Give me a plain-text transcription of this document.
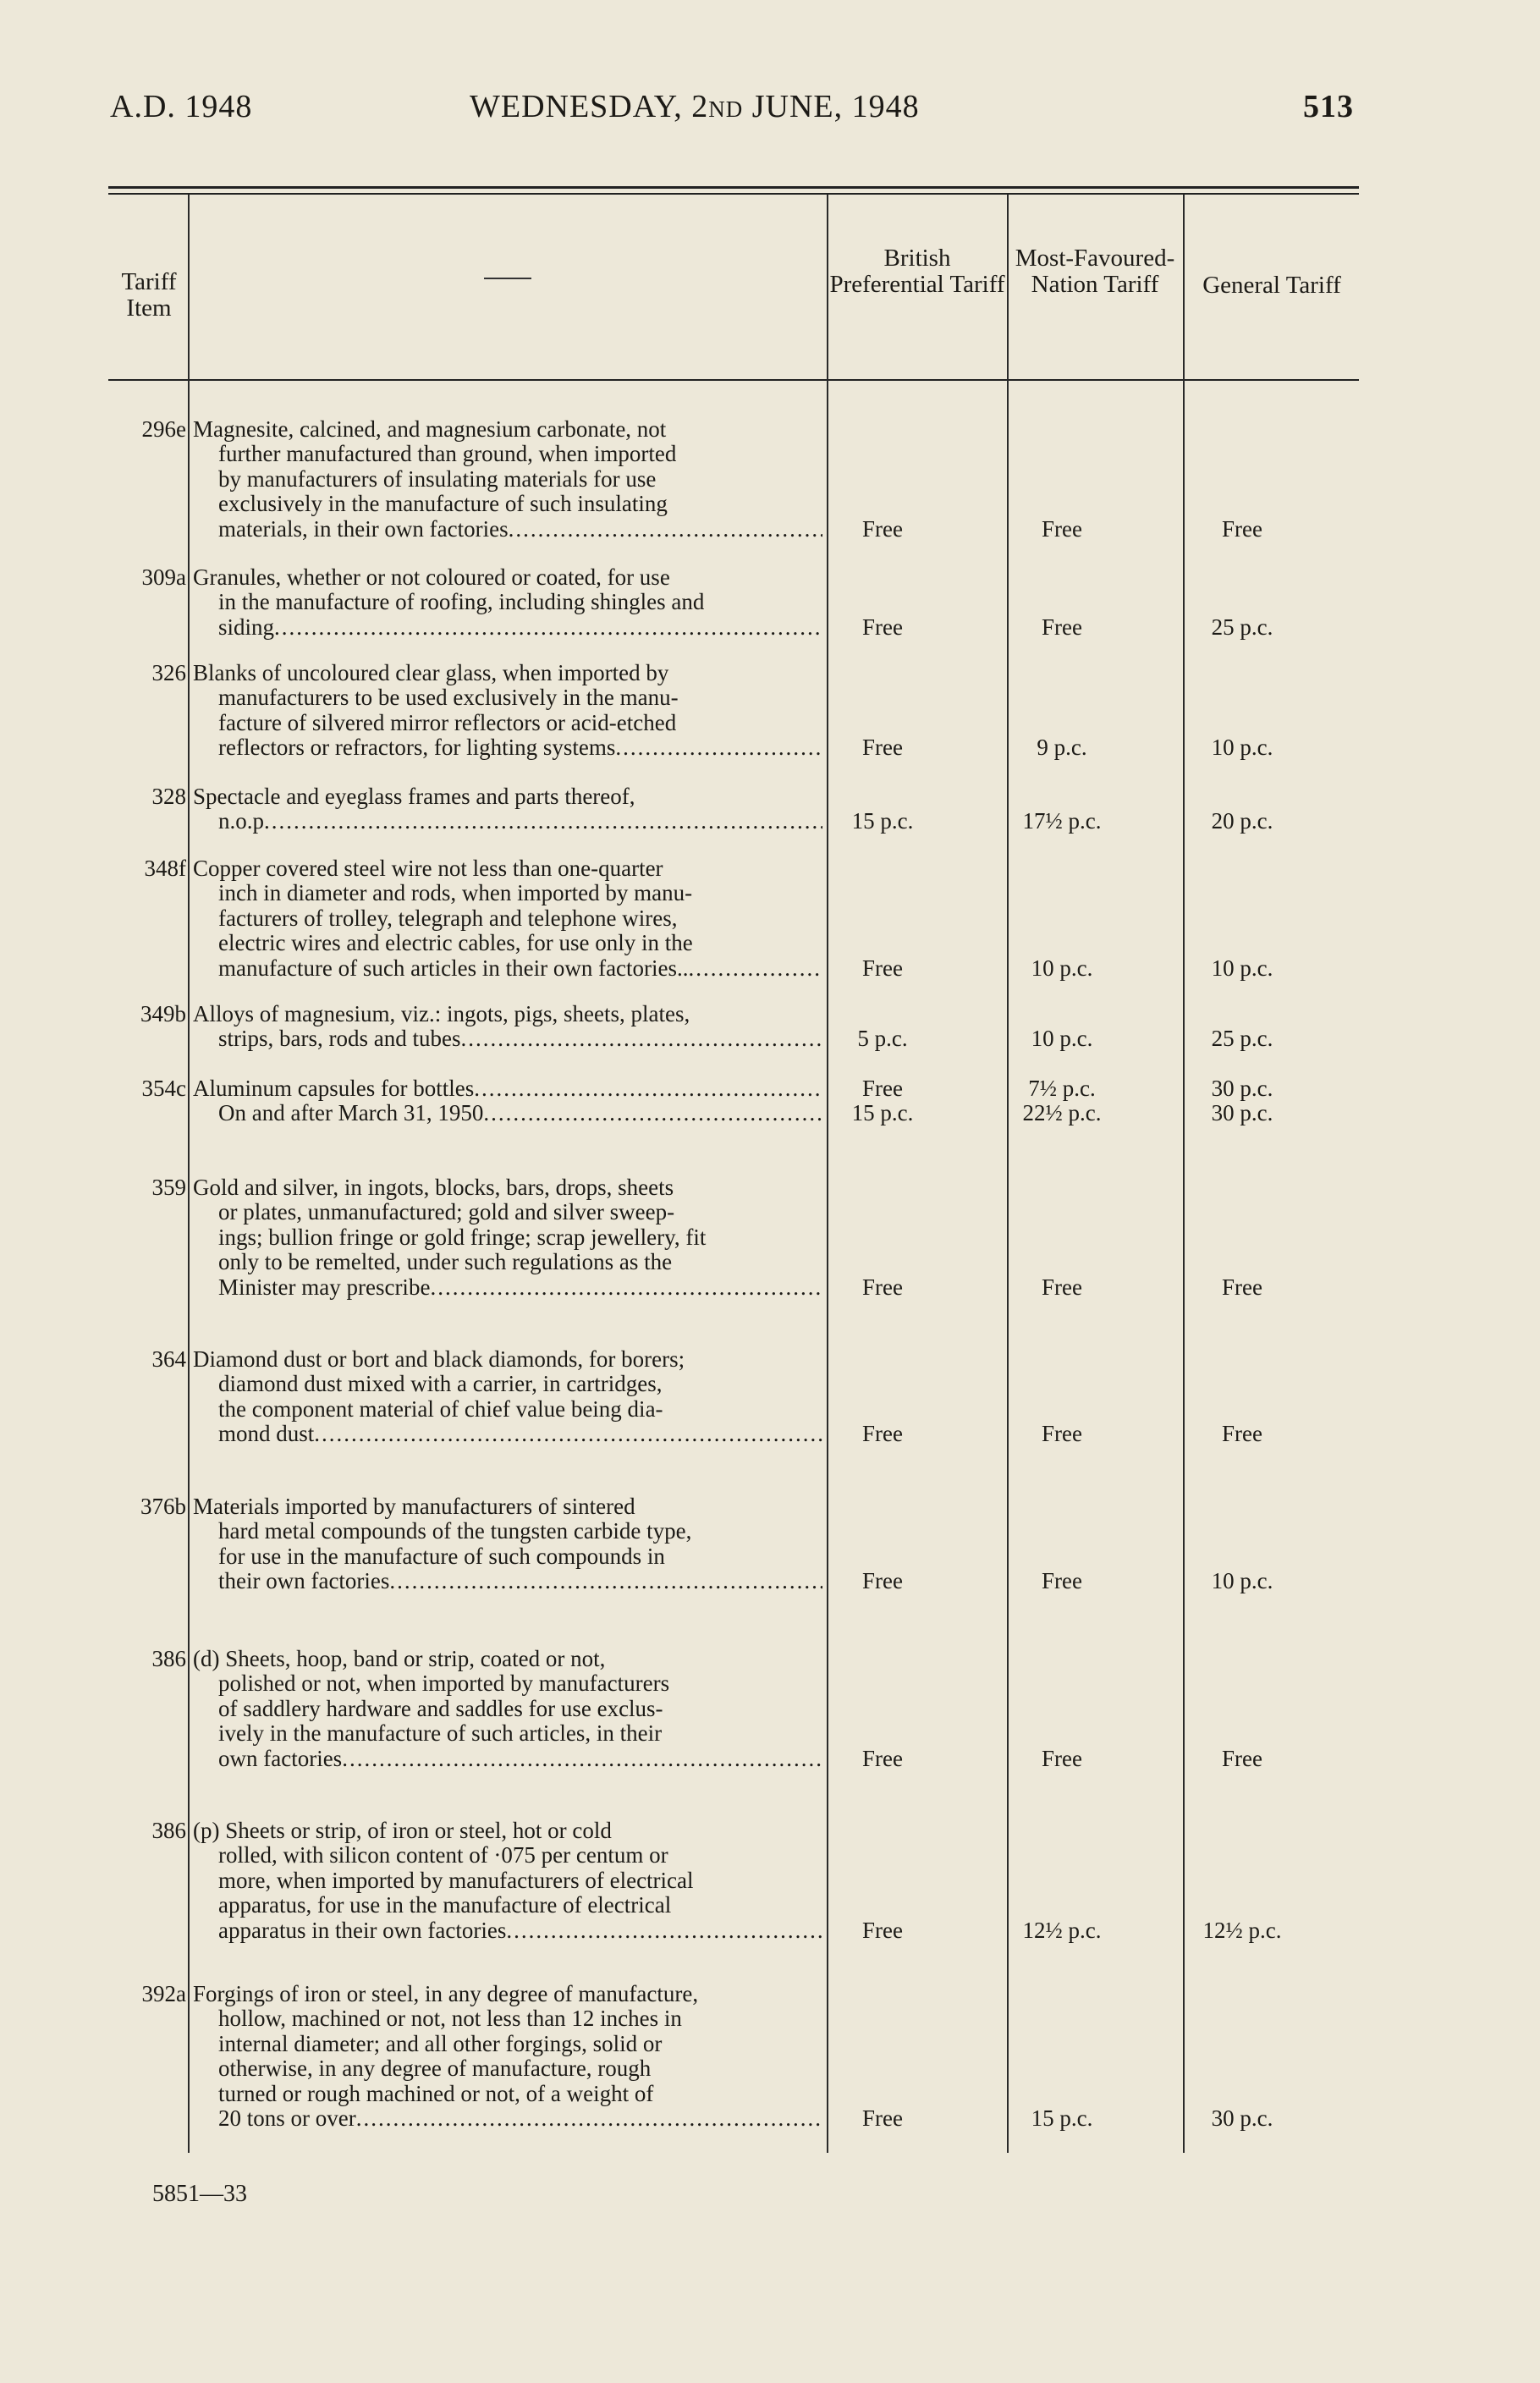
A.D. 1948	WEDNESDAY, 2ND JUNE, 1948	513
Tariff Item
British Preferential Tariff
Most-Favoured-Nation Tariff	General Tariff
296e Magnesite, calcined, and magnesium carbonate, not
further manufactured than ground, when imported
by manufacturers of insulating materials for use
exclusively in the manufacture of such insulating
materials, in their own factories .....	Free	Free	Free
309a Granules, whether or not coloured or coated, for use
in the manufacture of roofing, including shingles and
siding .....	Free	Free	25 p.c.
326 Blanks of uncoloured clear glass, when imported by
manufacturers to be used exclusively in the manu-
facture of silvered mirror reflectors or acid-etched
reflectors or refractors, for lighting systems .....	Free	9 p.c.	10 p.c.
328 Spectacle and eyeglass frames and parts thereof,
n.o.p .....	15 p.c.	17½ p.c.	20 p.c.
348f Copper covered steel wire not less than one-quarter
inch in diameter and rods, when imported by manu-
facturers of trolley, telegraph and telephone wires,
electric wires and electric cables, for use only in the
manufacture of such articles in their own factories.. .....	Free	10 p.c.	10 p.c.
349b Alloys of magnesium, viz.: ingots, pigs, sheets, plates,
strips, bars, rods and tubes .....	5 p.c.	10 p.c.	25 p.c.
354c Aluminum capsules for bottles .....
On and after March 31, 1950 .....
Free	7½ p.c.	30 p.c.
15 p.c.	22½ p.c.	30 p.c.
359 Gold and silver, in ingots, blocks, bars, drops, sheets
or plates, unmanufactured; gold and silver sweep-
ings; bullion fringe or gold fringe; scrap jewellery, fit
only to be remelted, under such regulations as the
Minister may prescribe .....	Free	Free	Free
364 Diamond dust or bort and black diamonds, for borers;
diamond dust mixed with a carrier, in cartridges,
the component material of chief value being dia-
mond dust .....	Free	Free	Free
376b Materials imported by manufacturers of sintered
hard metal compounds of the tungsten carbide type,
for use in the manufacture of such compounds in
their own factories .....	Free	Free	10 p.c.
386 (d) Sheets, hoop, band or strip, coated or not,
polished or not, when imported by manufacturers
of saddlery hardware and saddles for use exclus-
ively in the manufacture of such articles, in their
own factories .....	Free	Free	Free
386 (p) Sheets or strip, of iron or steel, hot or cold
rolled, with silicon content of ·075 per centum or
more, when imported by manufacturers of electrical
apparatus, for use in the manufacture of electrical
apparatus in their own factories .....	Free	12½ p.c.	12½ p.c.
392a Forgings of iron or steel, in any degree of manufacture,
hollow, machined or not, not less than 12 inches in
internal diameter; and all other forgings, solid or
otherwise, in any degree of manufacture, rough
turned or rough machined or not, of a weight of
20 tons or over .....	Free	15 p.c.	30 p.c.
5851—33
